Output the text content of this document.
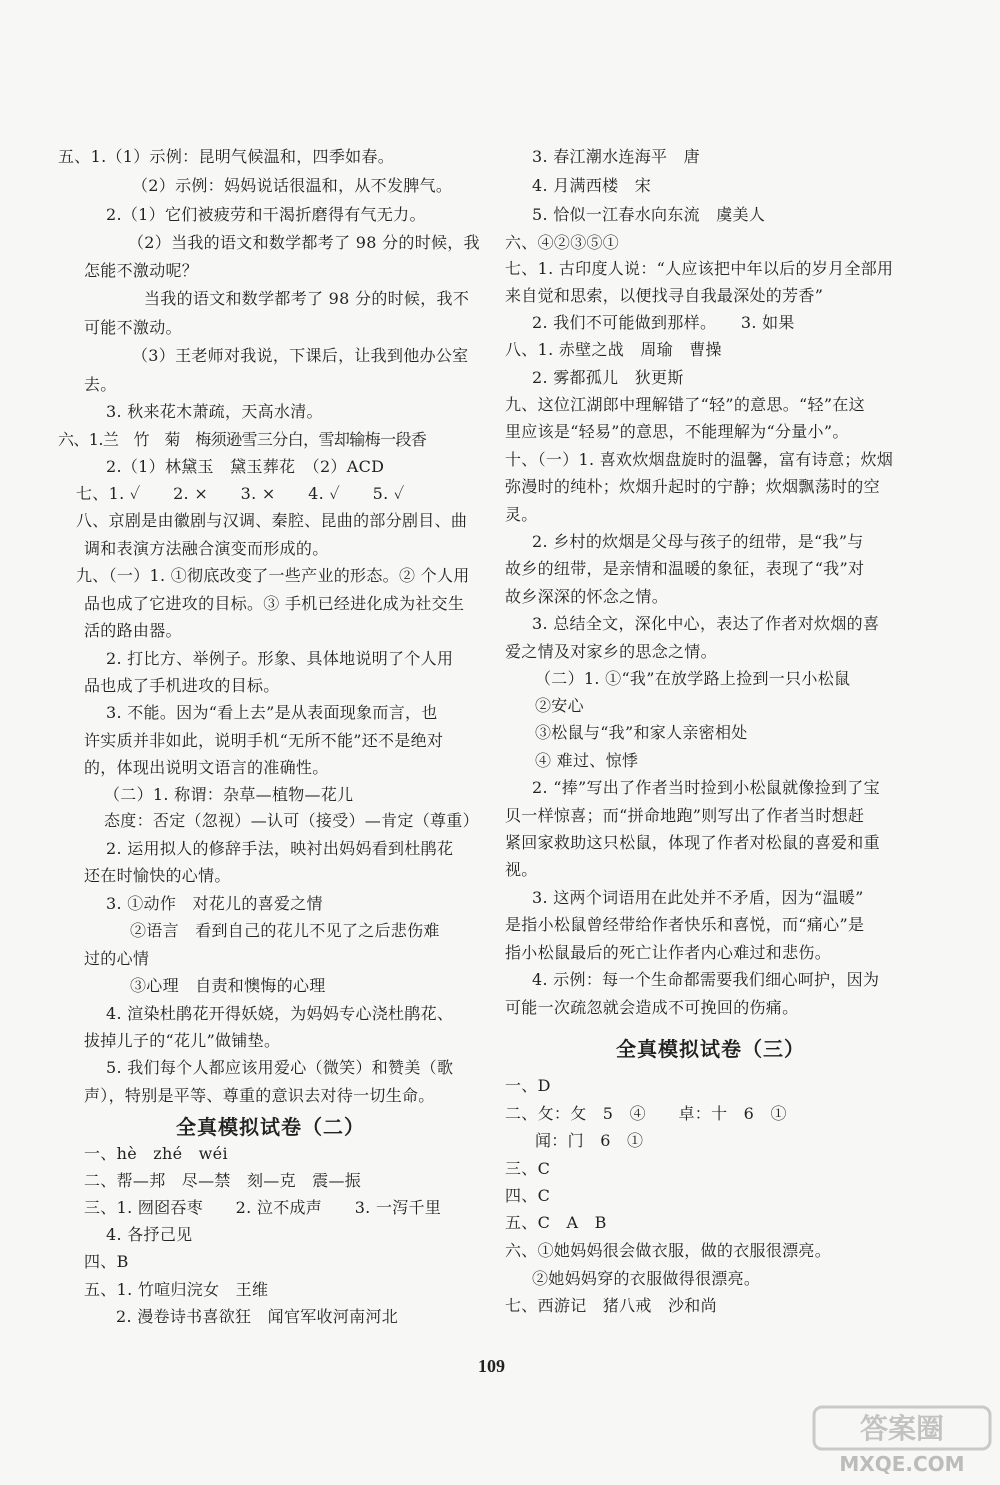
五、1.（1）示例：昆明气候温和，四季如春。
（2）示例：妈妈说话很温和，从不发脾气。
2.（1）它们被疲劳和干渴折磨得有气无力。
（2）当我的语文和数学都考了 98 分的时候，我
怎能不激动呢？
当我的语文和数学都考了 98 分的时候，我不
可能不激动。
（3）王老师对我说，下课后，让我到他办公室
去。
3. 秋来花木萧疏，天高水清。
六、1.兰　竹　菊　梅须逊雪三分白，雪却输梅一段香
2.（1）林黛玉　黛玉葬花　（2）ACD
七、1. ✓　　2. ×　　3. ×　　4. ✓　　5. ✓
八、京剧是由徽剧与汉调、秦腔、昆曲的部分剧目、曲
调和表演方法融合演变而形成的。
九、（一）1. ①彻底改变了一些产业的形态。② 个人用
品也成了它进攻的目标。③ 手机已经进化成为社交生
活的路由器。
2. 打比方、举例子。形象、具体地说明了个人用
品也成了手机进攻的目标。
3. 不能。因为“看上去”是从表面现象而言，也
许实质并非如此，说明手机“无所不能”还不是绝对
的，体现出说明文语言的准确性。
（二）1. 称谓：杂草—植物—花儿
态度：否定（忽视）—认可（接受）—肯定（尊重）
2. 运用拟人的修辞手法，映衬出妈妈看到杜鹃花
还在时愉快的心情。
3. ①动作　对花儿的喜爱之情
②语言　看到自己的花儿不见了之后悲伤难
过的心情
③心理　自责和懊悔的心理
4. 渲染杜鹃花开得妖娆，为妈妈专心浇杜鹃花、
拔掉儿子的“花儿”做铺垫。
5. 我们每个人都应该用爱心（微笑）和赞美（歌
声），特别是平等、尊重的意识去对待一切生命。
一、hè　zhé　wéi
二、帮—邦　尽—禁　刻—克　震—振
三、1. 囫囵吞枣　　2. 泣不成声　　3. 一泻千里
4. 各抒己见
四、B
五、1. 竹喧归浣女　王维
2. 漫卷诗书喜欲狂　闻官军收河南河北
3. 春江潮水连海平　唐
4. 月满西楼　宋
5. 恰似一江春水向东流　虞美人
六、④②③⑤①
七、1. 古印度人说：“人应该把中年以后的岁月全部用
来自觉和思索，以便找寻自我最深处的芳香”
2. 我们不可能做到那样。　　3. 如果
八、1. 赤壁之战　周瑜　曹操
2. 雾都孤儿　狄更斯
九、这位江湖郎中理解错了“轻”的意思。“轻”在这
里应该是“轻易”的意思，不能理解为“分量小”。
十、（一）1. 喜欢炊烟盘旋时的温馨，富有诗意；炊烟
弥漫时的纯朴；炊烟升起时的宁静；炊烟飘荡时的空
灵。
2. 乡村的炊烟是父母与孩子的纽带，是“我”与
故乡的纽带，是亲情和温暖的象征，表现了“我”对
故乡深深的怀念之情。
3. 总结全文，深化中心，表达了作者对炊烟的喜
爱之情及对家乡的思念之情。
（二）1. ①“我”在放学路上捡到一只小松鼠
②安心
③松鼠与“我”和家人亲密相处
④ 难过、惊悸
2. “捧”写出了作者当时捡到小松鼠就像捡到了宝
贝一样惊喜；而“拼命地跑”则写出了作者当时想赶
紧回家救助这只松鼠，体现了作者对松鼠的喜爱和重
视。
3. 这两个词语用在此处并不矛盾，因为“温暖”
是指小松鼠曾经带给作者快乐和喜悦，而“痛心”是
指小松鼠最后的死亡让作者内心难过和悲伤。
4. 示例：每一个生命都需要我们细心呵护，因为
可能一次疏忽就会造成不可挽回的伤痛。
一、D
二、攵：攵　5　④　　卓：十　6　①
闻：门　6　①
三、C
四、C
五、C　A　B
六、①她妈妈很会做衣服，做的衣服很漂亮。
②她妈妈穿的衣服做得很漂亮。
七、西游记　猪八戒　沙和尚
全真模拟试卷（二）
全真模拟试卷（三）
109
答案圈
MXQE.COM
